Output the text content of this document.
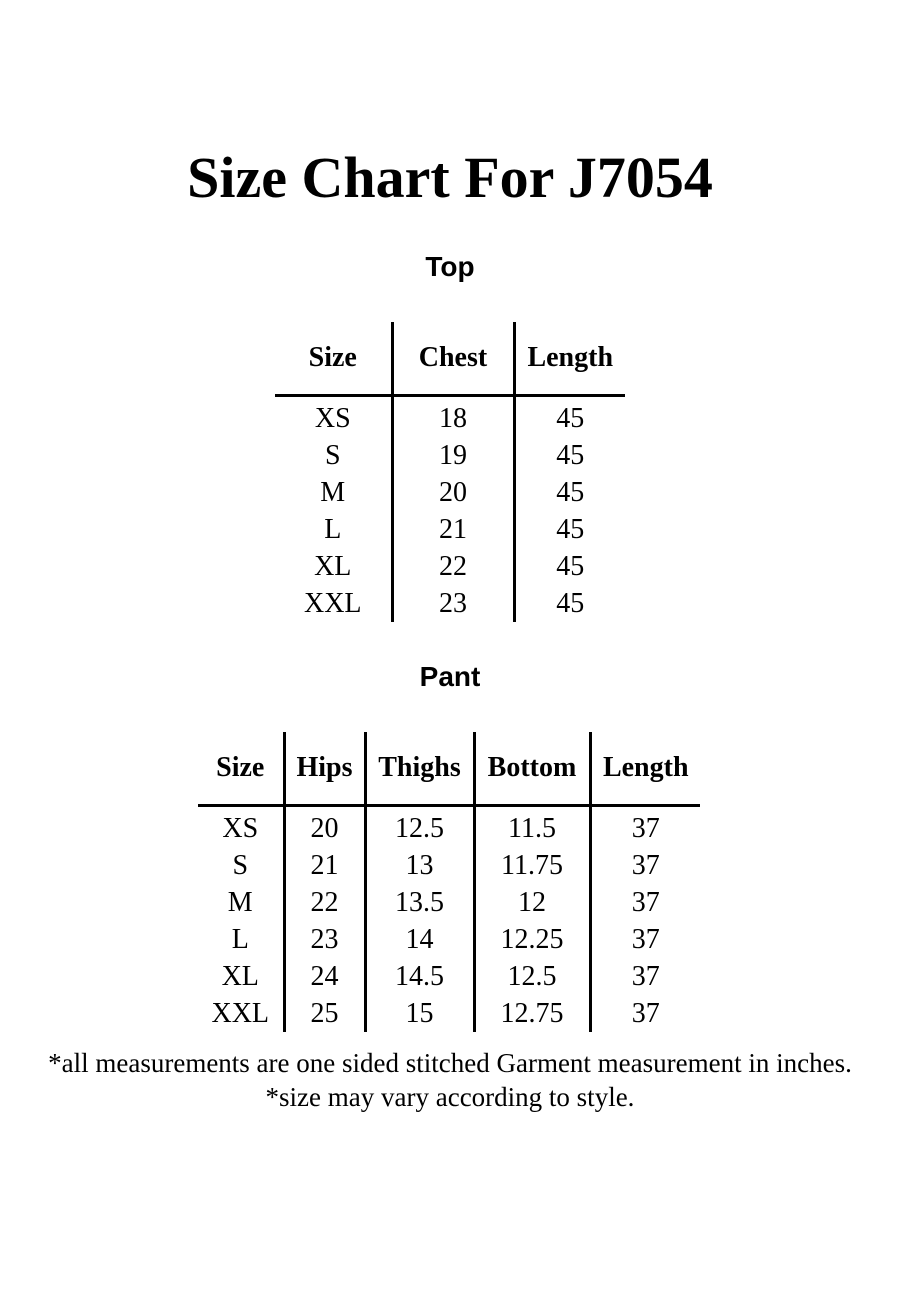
Size Chart For J7054
Top
Size	Chest	Length
XS	18	45
S	19	45
M	20	45
L	21	45
XL	22	45
XXL	23	45
Pant
Size	Hips	Thighs	Bottom	Length
XS	20	12.5	11.5	37
S	21	13	11.75	37
M	22	13.5	12	37
L	23	14	12.25	37
XL	24	14.5	12.5	37
XXL	25	15	12.75	37
*all measurements are one sided stitched Garment measurement in inches.
*size may vary according to style.
